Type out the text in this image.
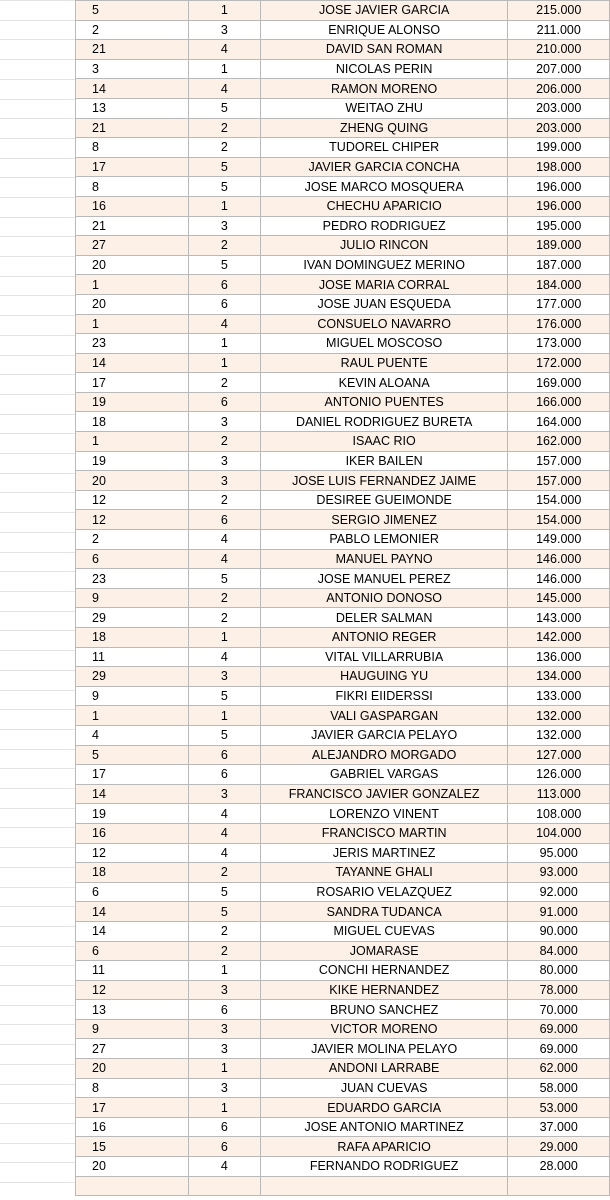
5	1	JOSE JAVIER GARCIA	215.000
2	3	ENRIQUE ALONSO	211.000
21	4	DAVID SAN ROMAN	210.000
3	1	NICOLAS PERIN	207.000
14	4	RAMON MORENO	206.000
13	5	WEITAO ZHU	203.000
21	2	ZHENG QUING	203.000
8	2	TUDOREL CHIPER	199.000
17	5	JAVIER GARCIA CONCHA	198.000
8	5	JOSE MARCO MOSQUERA	196.000
16	1	CHECHU APARICIO	196.000
21	3	PEDRO RODRIGUEZ	195.000
27	2	JULIO RINCON	189.000
20	5	IVAN DOMINGUEZ MERINO	187.000
1	6	JOSE MARIA CORRAL	184.000
20	6	JOSE JUAN ESQUEDA	177.000
1	4	CONSUELO NAVARRO	176.000
23	1	MIGUEL MOSCOSO	173.000
14	1	RAUL PUENTE	172.000
17	2	KEVIN ALOANA	169.000
19	6	ANTONIO PUENTES	166.000
18	3	DANIEL RODRIGUEZ BURETA	164.000
1	2	ISAAC RIO	162.000
19	3	IKER BAILEN	157.000
20	3	JOSE LUIS FERNANDEZ JAIME	157.000
12	2	DESIREE GUEIMONDE	154.000
12	6	SERGIO JIMENEZ	154.000
2	4	PABLO LEMONIER	149.000
6	4	MANUEL PAYNO	146.000
23	5	JOSE MANUEL PEREZ	146.000
9	2	ANTONIO DONOSO	145.000
29	2	DELER SALMAN	143.000
18	1	ANTONIO REGER	142.000
11	4	VITAL VILLARRUBIA	136.000
29	3	HAUGUING YU	134.000
9	5	FIKRI EIIDERSSI	133.000
1	1	VALI GASPARGAN	132.000
4	5	JAVIER GARCIA PELAYO	132.000
5	6	ALEJANDRO MORGADO	127.000
17	6	GABRIEL VARGAS	126.000
14	3	FRANCISCO JAVIER GONZALEZ	113.000
19	4	LORENZO VINENT	108.000
16	4	FRANCISCO MARTIN	104.000
12	4	JERIS MARTINEZ	95.000
18	2	TAYANNE GHALI	93.000
6	5	ROSARIO VELAZQUEZ	92.000
14	5	SANDRA TUDANCA	91.000
14	2	MIGUEL CUEVAS	90.000
6	2	JOMARASE	84.000
11	1	CONCHI HERNANDEZ	80.000
12	3	KIKE HERNANDEZ	78.000
13	6	BRUNO SANCHEZ	70.000
9	3	VICTOR MORENO	69.000
27	3	JAVIER MOLINA PELAYO	69.000
20	1	ANDONI LARRABE	62.000
8	3	JUAN CUEVAS	58.000
17	1	EDUARDO GARCIA	53.000
16	6	JOSE ANTONIO MARTINEZ	37.000
15	6	RAFA APARICIO	29.000
20	4	FERNANDO RODRIGUEZ	28.000
